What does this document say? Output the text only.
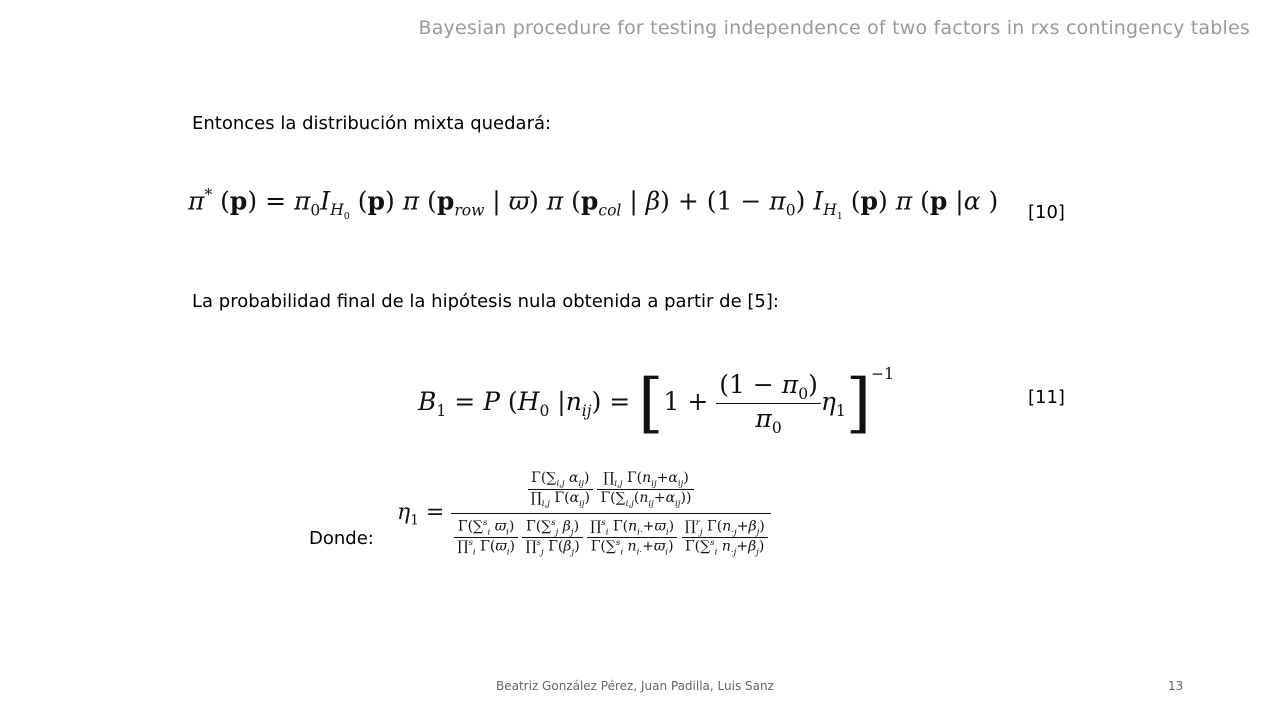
Bayesian procedure for testing independence of two factors in rxs contingency tables
Entonces la distribución mixta quedará:
π* $(p) = \pi_0I_{H_0}$ (p) π ($p_{row}$ | ϖ) π ($p_{col}$ | $\beta) + (1 - \pi_0)$ $I_{H_1}$ (p) π (p |α ) [10]
La probabilidad final de la hipótesis nula obtenida a partir de [5]:
$B_1 = P$ ($H_0$ $|n_{ij}) = [1 + \frac{(1 - \pi_0)}{\pi_0} \eta_1]^{-1}$
[11]
Donde:
$\eta_1$ =
$\frac{\Gamma(\sum_{i,j} \alpha_{ij})}{\prod_{i,j} \Gamma(\alpha_{ij})}$
$\frac{\prod_{i,j} \Gamma(n_{ij}+\alpha_{ij})}{\Gamma(\sum_{i,j}(n_{ij}+\alpha_{ij}))}$
$\frac{\Gamma(\sum^s_i ϖ_i)}{\prod^s_i \Gamma(ϖ_i)}$
$\frac{\Gamma(\sum^s_j \beta_j)}{\prod^s_j \Gamma(\beta_j)}$
$\frac{\prod^s_i \Gamma(n_{i\cdot}+ϖ_i)}{\Gamma(\sum^s_i n_{i\cdot}+ϖ_i)}$
$\frac{\prod^r_j \Gamma(n_{\cdot j}+\beta_j)}{\Gamma(\sum^s_i n_{\cdot j}+\beta_j)}$
Beatriz González Pérez, Juan Padilla, Luis Sanz	13
